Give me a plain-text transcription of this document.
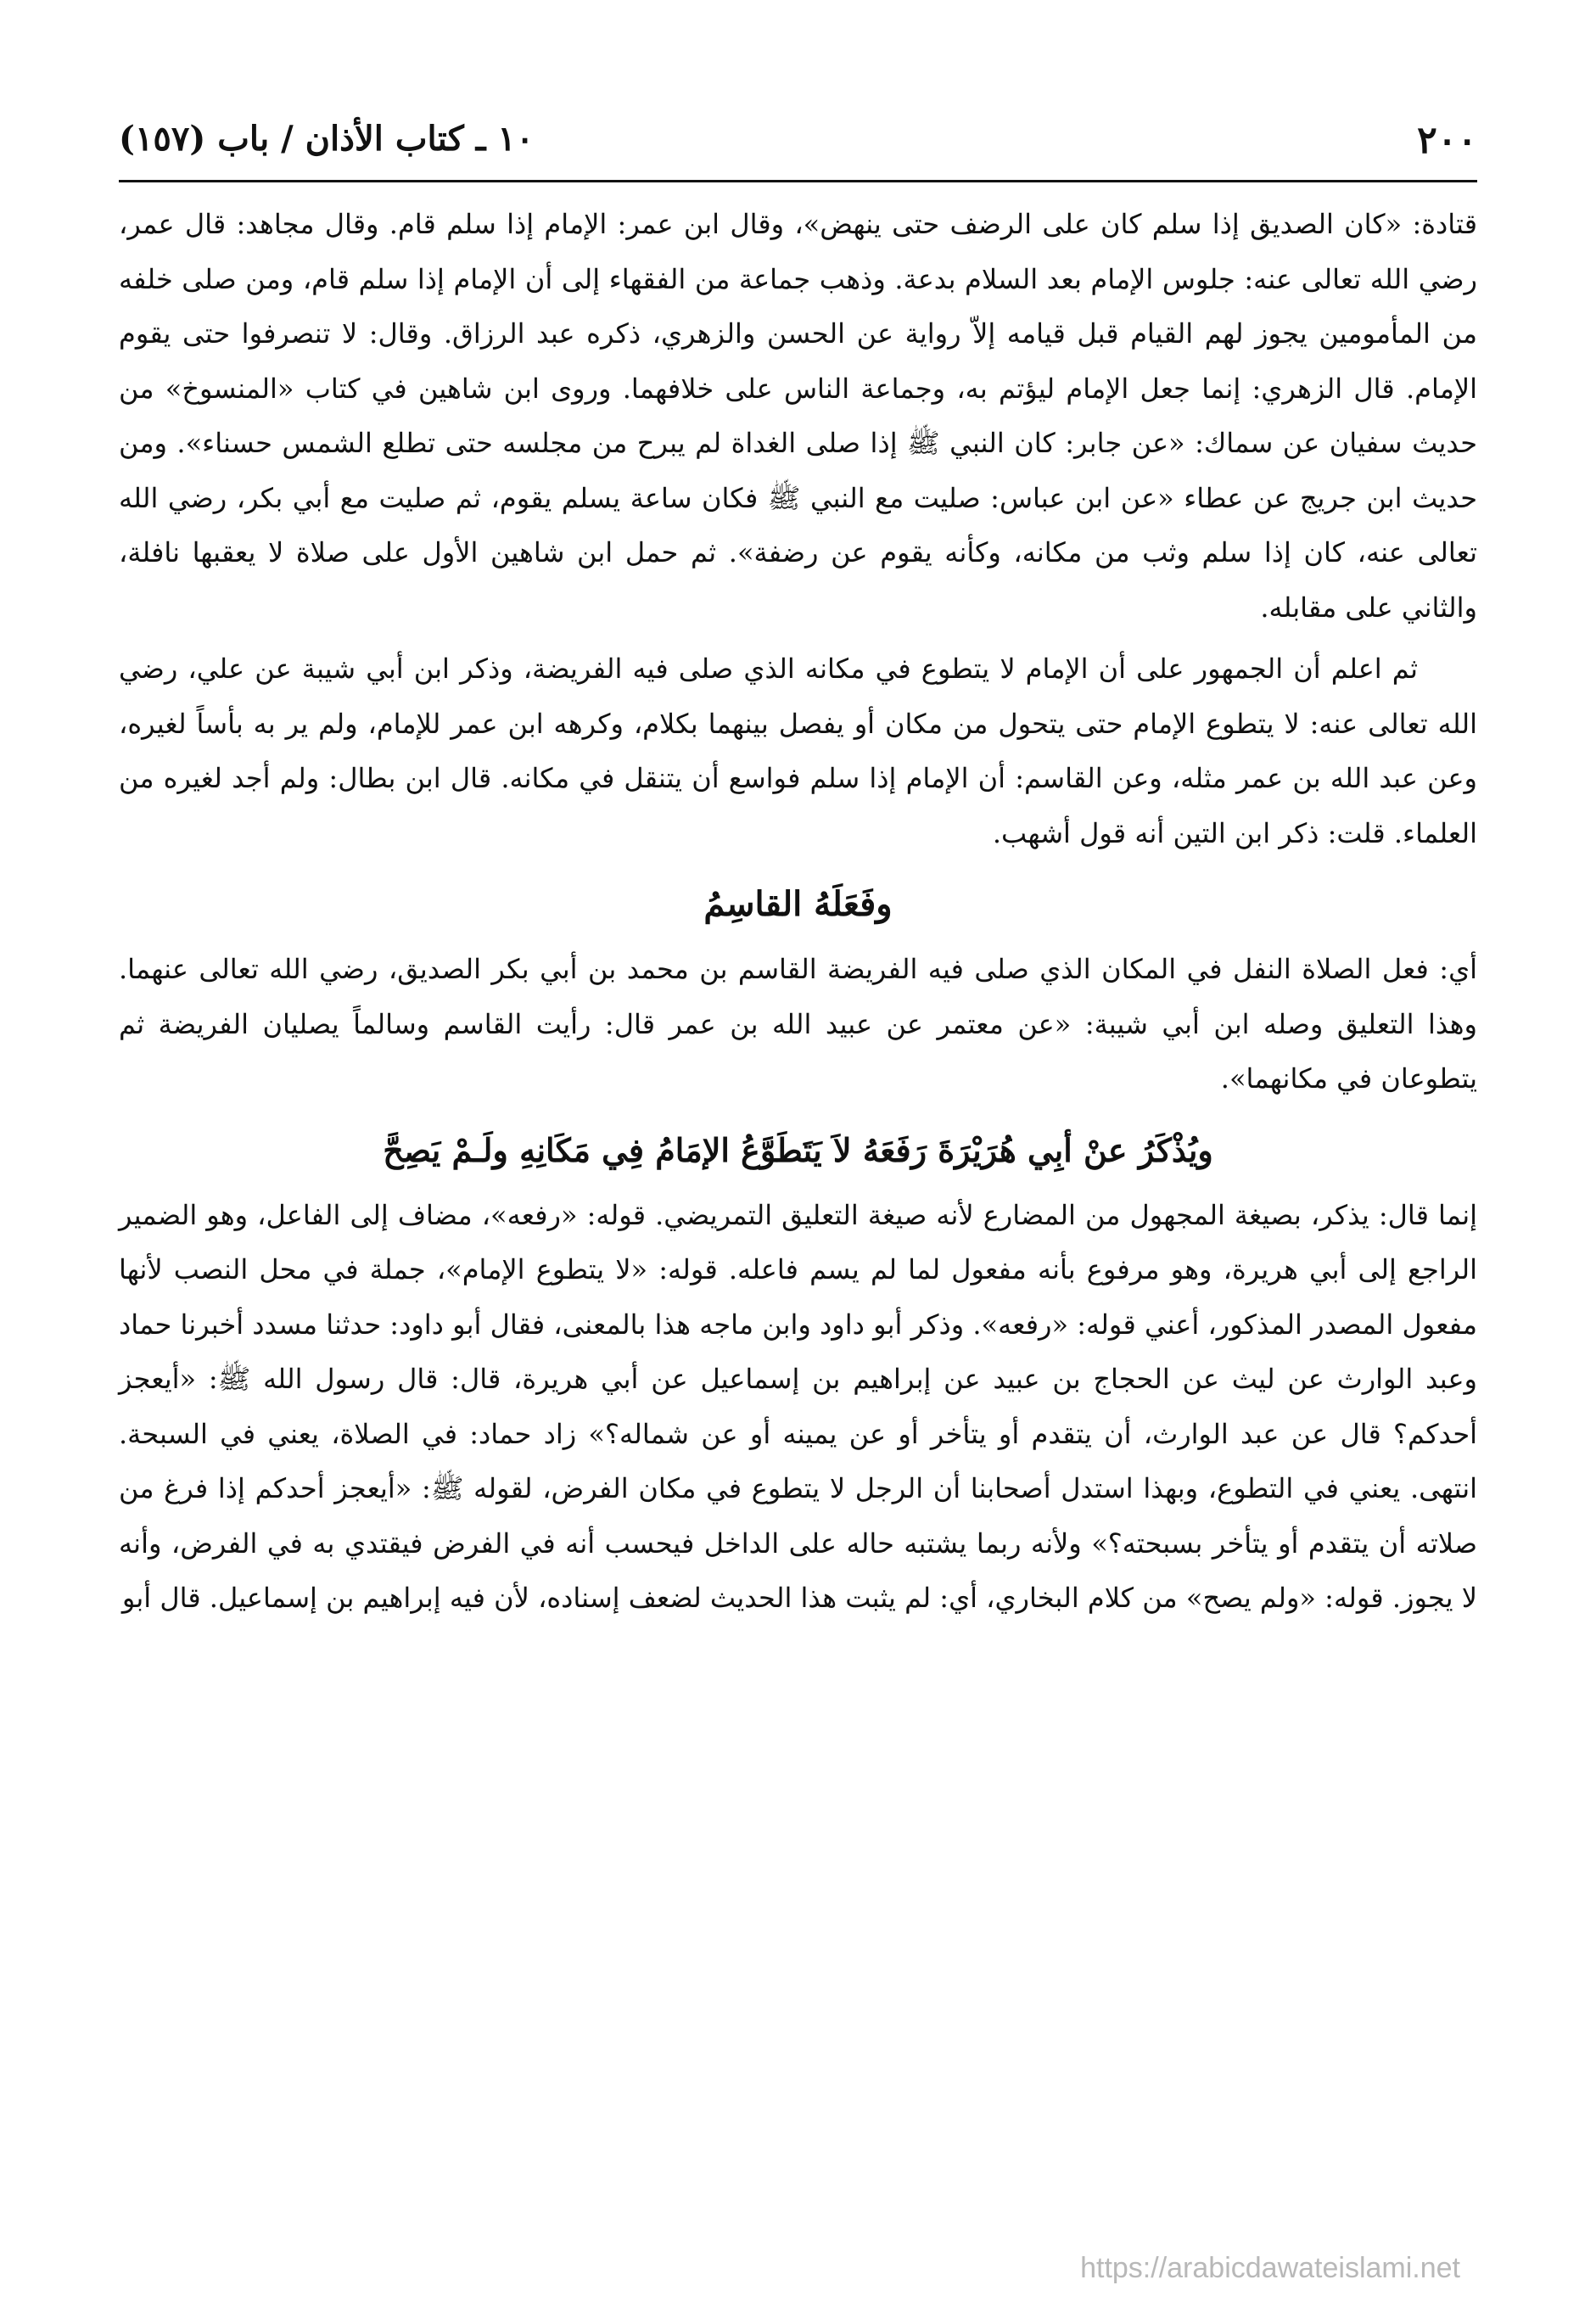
٢٠٠
١٠ ـ كتاب الأذان / باب (١٥٧)

قتادة: «كان الصديق إذا سلم كان على الرضف حتى ينهض»، وقال ابن عمر: الإمام إذا سلم قام. وقال مجاهد: قال عمر، رضي الله تعالى عنه: جلوس الإمام بعد السلام بدعة. وذهب جماعة من الفقهاء إلى أن الإمام إذا سلم قام، ومن صلى خلفه من المأمومين يجوز لهم القيام قبل قيامه إلاّ رواية عن الحسن والزهري، ذكره عبد الرزاق. وقال: لا تنصرفوا حتى يقوم الإمام. قال الزهري: إنما جعل الإمام ليؤتم به، وجماعة الناس على خلافهما. وروى ابن شاهين في كتاب «المنسوخ» من حديث سفيان عن سماك: «عن جابر: كان النبي ﷺ إذا صلى الغداة لم يبرح من مجلسه حتى تطلع الشمس حسناء». ومن حديث ابن جريج عن عطاء «عن ابن عباس: صليت مع النبي ﷺ فكان ساعة يسلم يقوم، ثم صليت مع أبي بكر، رضي الله تعالى عنه، كان إذا سلم وثب من مكانه، وكأنه يقوم عن رضفة». ثم حمل ابن شاهين الأول على صلاة لا يعقبها نافلة، والثاني على مقابله.

ثم اعلم أن الجمهور على أن الإمام لا يتطوع في مكانه الذي صلى فيه الفريضة، وذكر ابن أبي شيبة عن علي، رضي الله تعالى عنه: لا يتطوع الإمام حتى يتحول من مكان أو يفصل بينهما بكلام، وكرهه ابن عمر للإمام، ولم ير به بأساً لغيره، وعن عبد الله بن عمر مثله، وعن القاسم: أن الإمام إذا سلم فواسع أن يتنقل في مكانه. قال ابن بطال: ولم أجد لغيره من العلماء. قلت: ذكر ابن التين أنه قول أشهب.

وفَعَلَهُ القاسِمُ

أي: فعل الصلاة النفل في المكان الذي صلى فيه الفريضة القاسم بن محمد بن أبي بكر الصديق، رضي الله تعالى عنهما. وهذا التعليق وصله ابن أبي شيبة: «عن معتمر عن عبيد الله بن عمر قال: رأيت القاسم وسالماً يصليان الفريضة ثم يتطوعان في مكانهما».

ويُذْكَرُ عنْ أبِي هُرَيْرَةَ رَفَعَهُ لاَ يَتَطَوَّعُ الإمَامُ فِي مَكَانِهِ ولَـمْ يَصِحَّ

إنما قال: يذكر، بصيغة المجهول من المضارع لأنه صيغة التعليق التمريضي. قوله: «رفعه»، مضاف إلى الفاعل، وهو الضمير الراجع إلى أبي هريرة، وهو مرفوع بأنه مفعول لما لم يسم فاعله. قوله: «لا يتطوع الإمام»، جملة في محل النصب لأنها مفعول المصدر المذكور، أعني قوله: «رفعه». وذكر أبو داود وابن ماجه هذا بالمعنى، فقال أبو داود: حدثنا مسدد أخبرنا حماد وعبد الوارث عن ليث عن الحجاج بن عبيد عن إبراهيم بن إسماعيل عن أبي هريرة، قال: قال رسول الله ﷺ: «أيعجز أحدكم؟ قال عن عبد الوارث، أن يتقدم أو يتأخر أو عن يمينه أو عن شماله؟» زاد حماد: في الصلاة، يعني في السبحة. انتهى. يعني في التطوع، وبهذا استدل أصحابنا أن الرجل لا يتطوع في مكان الفرض، لقوله ﷺ: «أيعجز أحدكم إذا فرغ من صلاته أن يتقدم أو يتأخر بسبحته؟» ولأنه ربما يشتبه حاله على الداخل فيحسب أنه في الفرض فيقتدي به في الفرض، وأنه لا يجوز. قوله: «ولم يصح» من كلام البخاري، أي: لم يثبت هذا الحديث لضعف إسناده، لأن فيه إبراهيم بن إسماعيل. قال أبو

https://arabicdawateislami.net
